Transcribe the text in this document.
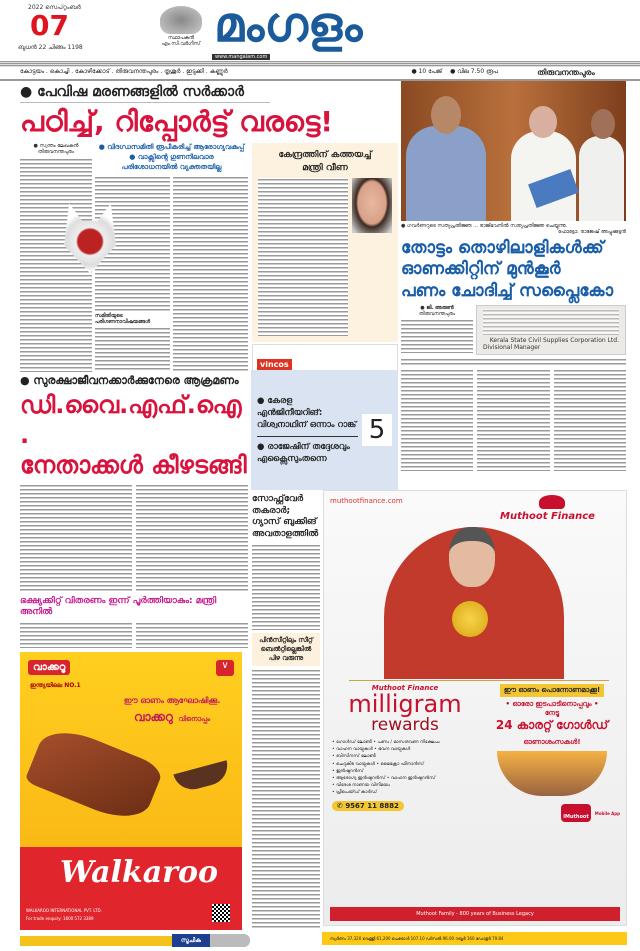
2022 സെപ്റ്റംബർ
07
ബുധൻ 22 ചിങ്ങം 1198
സ്ഥാപകൻ
എം.സി.വർഗീസ് മംഗളം
www.mangalam.com
കോട്ടയം . കൊച്ചി . കോഴിക്കോട് . തിരുവനന്തപുരം . തൃശൂർ . ഇടുക്കി . കണ്ണൂർ	● 10 പേജ് ● വില 7.50 രൂപ	തിരുവനന്തപുരം
● പേവിഷ മരണങ്ങളിൽ സർക്കാർ
പഠിച്ച്, റിപ്പോർട്ട് വരട്ടെ!
● സ്വന്തം ലേഖകൻ
തിരുവനന്തപുരം
● വിദഗ്ധസമിതി രൂപീകരിച്ച് ആരോഗ്യവകുപ്പ്
● വാക്സിന്റെ ഗുണനിലവാര
പരിശോധനയിൽ വ്യക്തതയില്ല
സമിതിയുടെ പരിഗണനാവിഷയങ്ങൾ
കേന്ദ്രത്തിന് കത്തയച്ച്
മന്ത്രി വീണ
vincos
● ഗവർണറുടെ സത്യപ്രതിജ്ഞ ... രാജ്ഭവനിൽ സത്യപ്രതിജ്ഞ ചെയ്യുന്നു.
ഫോട്ടോ: രാജേഷ് അപ്പുക്കുട്ടൻ
തോട്ടം തൊഴിലാളികൾക്ക്
ഓണക്കിറ്റിന് മുൻകൂർ
പണം ചോദിച്ച് സപ്ലൈകോ
● ജി. അരുൺ
തിരുവനന്തപുരം
Kerala State Civil Supplies Corporation Ltd.
Divisional Manager
● സുരക്ഷാജീവനക്കാർക്കുനേരെ ആക്രമണം
ഡി.വൈ.എഫ്.ഐ.
നേതാക്കൾ കീഴടങ്ങി
ഭക്ഷ്യക്കിറ്റ് വിതരണം ഇന്ന് പൂർത്തിയാകും: മന്ത്രി അനിൽ
● കേരള എൻജിനീയറിങ്:
വിശ്വനാഥിന് ഒന്നാം റാങ്ക്
● രാജേഷിന് തദ്ദേശവും
എക്സൈസുംതന്നെ
5
സോഫ്റ്റ്‌വേർ
തകരാർ;
ഗ്യാസ് ബുക്കിങ്
അവതാളത്തിൽ
പിൻസീറ്റിലും സീറ്റ്
ബെൽറ്റില്ലെങ്കിൽ
പിഴ വരുന്നു
വാക്കറൂ
ഇന്ത്യയിലെ NO.1
∨
ഈ ഓണം ആഘോഷിക്കൂ.
വാക്കറു വിനൊപ്പം
Walkaroo
WALKAROO INTERNATIONAL PVT. LTD.
For trade enquiry: 1800 572 3389
muthootfinance.com
Muthoot Finance
Muthoot Finance
milligram
rewards
• ഗോൾഡ് ലോൺ • പണം / മാസതവണ നിക്ഷേപം
• വാഹന വായ്പകൾ • ഭവന വായ്പകൾ
• ബിസിനസ് ലോൺ
• ചെറുകിട വായ്പകൾ • മൈക്രോ ഫിനാൻസ്
• ഇൻഷുറൻസ്
• ആരോഗ്യ ഇൻഷുറൻസ് • വാഹന ഇൻഷുറൻസ്
• വിദേശ നാണയ വിനിമയം
• പ്രീപെയ്ഡ് കാർഡ്
✆ 9567 11 8882
ഈ ഓണം പൊന്നോണമാക്കൂ!
• ഓരോ ഇടപാടിനൊപ്പവും •
നേടൂ
24 കാരറ്റ് ഗോൾഡ്
ഓണാശംസകൾ!
iMuthoot
Mobile App
Muthoot Family - 800 years of Business Legacy
സൂചിക	സ്വർണം 37,320 വെള്ളി 61,200 പെട്രോൾ 107.10 ഡീസൽ 96.00 റബ്ബർ 160 ഡോളർ 79.84
